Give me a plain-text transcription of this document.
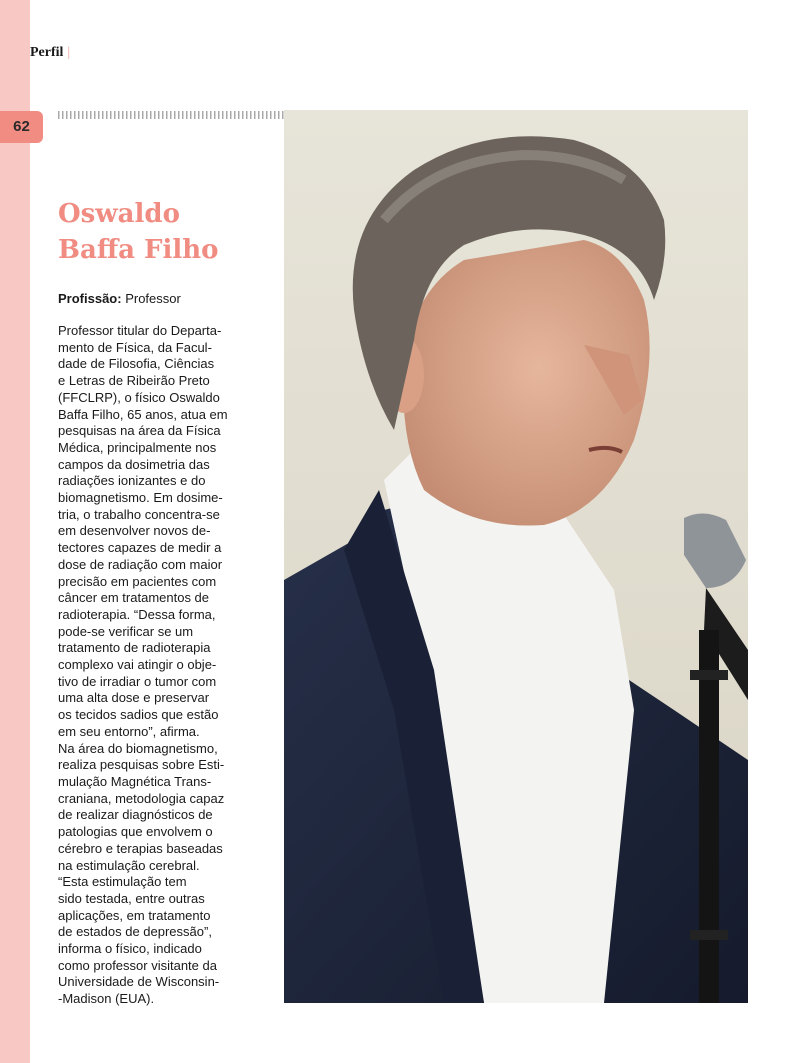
Perfil |
62
Oswaldo
Baffa Filho
Profissão: Professor
Professor titular do Departa-
mento de Física, da Facul-
dade de Filosofia, Ciências
e Letras de Ribeirão Preto
(FFCLRP), o físico Oswaldo
Baffa Filho, 65 anos, atua em
pesquisas na área da Física
Médica, principalmente nos
campos da dosimetria das
radiações ionizantes e do
biomagnetismo. Em dosime-
tria, o trabalho concentra-se
em desenvolver novos de-
tectores capazes de medir a
dose de radiação com maior
precisão em pacientes com
câncer em tratamentos de
radioterapia. “Dessa forma,
pode-se verificar se um
tratamento de radioterapia
complexo vai atingir o obje-
tivo de irradiar o tumor com
uma alta dose e preservar
os tecidos sadios que estão
em seu entorno”, afirma.
Na área do biomagnetismo,
realiza pesquisas sobre Esti-
mulação Magnética Trans-
craniana, metodologia capaz
de realizar diagnósticos de
patologias que envolvem o
cérebro e terapias baseadas
na estimulação cerebral.
“Esta estimulação tem
sido testada, entre outras
aplicações, em tratamento
de estados de depressão”,
informa o físico, indicado
como professor visitante da
Universidade de Wisconsin-
-Madison (EUA).
